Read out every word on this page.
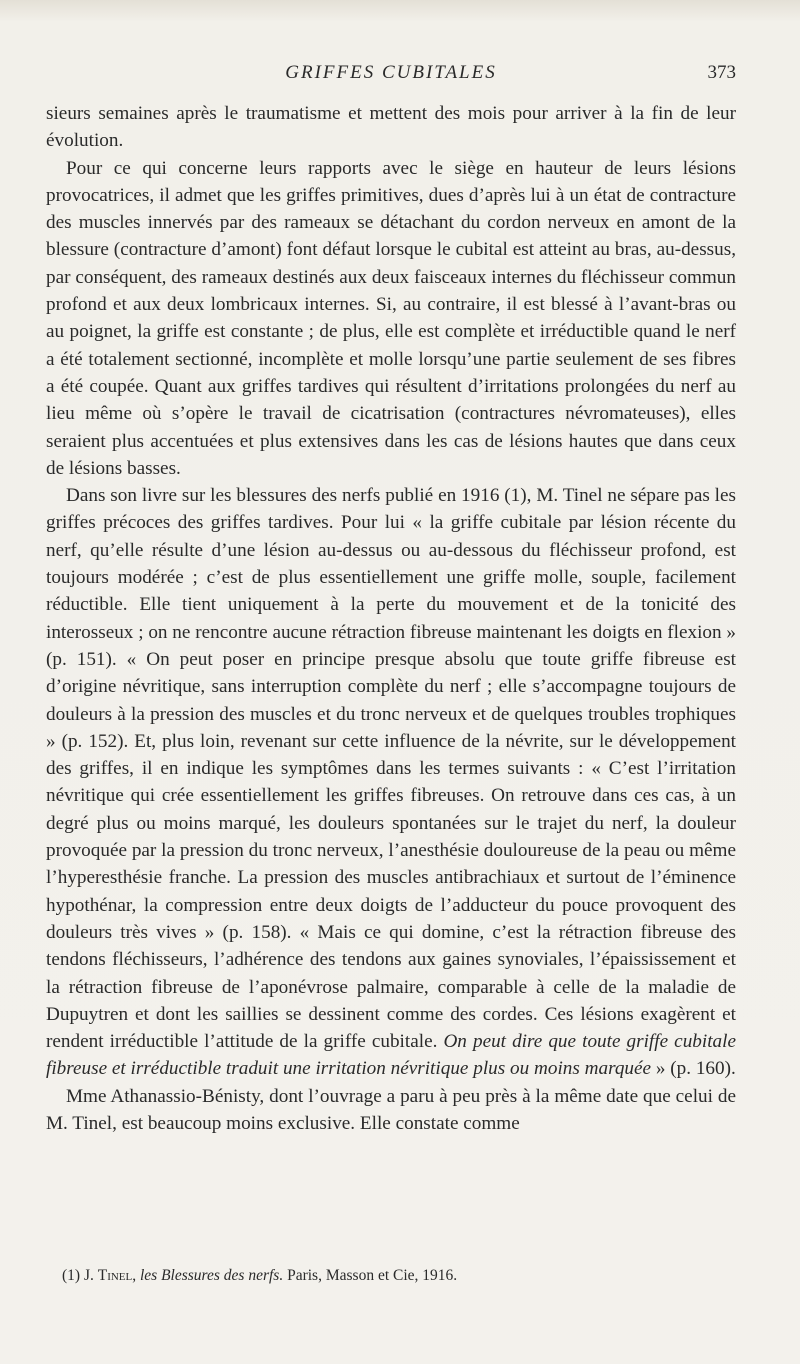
GRIFFES CUBITALES	373

sieurs semaines après le traumatisme et mettent des mois pour arriver à la fin de leur évolution.

Pour ce qui concerne leurs rapports avec le siège en hauteur de leurs lésions provocatrices, il admet que les griffes primitives, dues d’après lui à un état de contracture des muscles innervés par des rameaux se détachant du cordon nerveux en amont de la blessure (contracture d’amont) font défaut lorsque le cubital est atteint au bras, au-dessus, par conséquent, des rameaux destinés aux deux faisceaux internes du fléchisseur commun profond et aux deux lombricaux internes. Si, au contraire, il est blessé à l’avant-bras ou au poignet, la griffe est constante ; de plus, elle est complète et irréductible quand le nerf a été totalement sectionné, incomplète et molle lorsqu’une partie seulement de ses fibres a été coupée. Quant aux griffes tardives qui résultent d’irritations prolongées du nerf au lieu même où s’opère le travail de cicatrisation (contractures névromateuses), elles seraient plus accentuées et plus extensives dans les cas de lésions hautes que dans ceux de lésions basses.

Dans son livre sur les blessures des nerfs publié en 1916 (1), M. Tinel ne sépare pas les griffes précoces des griffes tardives. Pour lui « la griffe cubitale par lésion récente du nerf, qu’elle résulte d’une lésion au-dessus ou au-dessous du fléchisseur profond, est toujours modérée ; c’est de plus essentiellement une griffe molle, souple, facilement réductible. Elle tient uniquement à la perte du mouvement et de la tonicité des interosseux ; on ne rencontre aucune rétraction fibreuse maintenant les doigts en flexion » (p. 151). « On peut poser en principe presque absolu que toute griffe fibreuse est d’origine névritique, sans interruption complète du nerf ; elle s’accompagne toujours de douleurs à la pression des muscles et du tronc nerveux et de quelques troubles trophiques » (p. 152). Et, plus loin, revenant sur cette influence de la névrite, sur le développement des griffes, il en indique les symptômes dans les termes suivants : « C’est l’irritation névritique qui crée essentiellement les griffes fibreuses. On retrouve dans ces cas, à un degré plus ou moins marqué, les douleurs spontanées sur le trajet du nerf, la douleur provoquée par la pression du tronc nerveux, l’anesthésie douloureuse de la peau ou même l’hyperesthésie franche. La pression des muscles antibrachiaux et surtout de l’éminence hypothénar, la compression entre deux doigts de l’adducteur du pouce provoquent des douleurs très vives » (p. 158). « Mais ce qui domine, c’est la rétraction fibreuse des tendons fléchisseurs, l’adhérence des tendons aux gaines synoviales, l’épaississement et la rétraction fibreuse de l’aponévrose palmaire, comparable à celle de la maladie de Dupuytren et dont les saillies se dessinent comme des cordes. Ces lésions exagèrent et rendent irréductible l’attitude de la griffe cubitale. On peut dire que toute griffe cubitale fibreuse et irréductible traduit une irritation névritique plus ou moins marquée » (p. 160).

Mme Athanassio-Bénisty, dont l’ouvrage a paru à peu près à la même date que celui de M. Tinel, est beaucoup moins exclusive. Elle constate comme

(1) J. Tinel, les Blessures des nerfs. Paris, Masson et Cie, 1916.
